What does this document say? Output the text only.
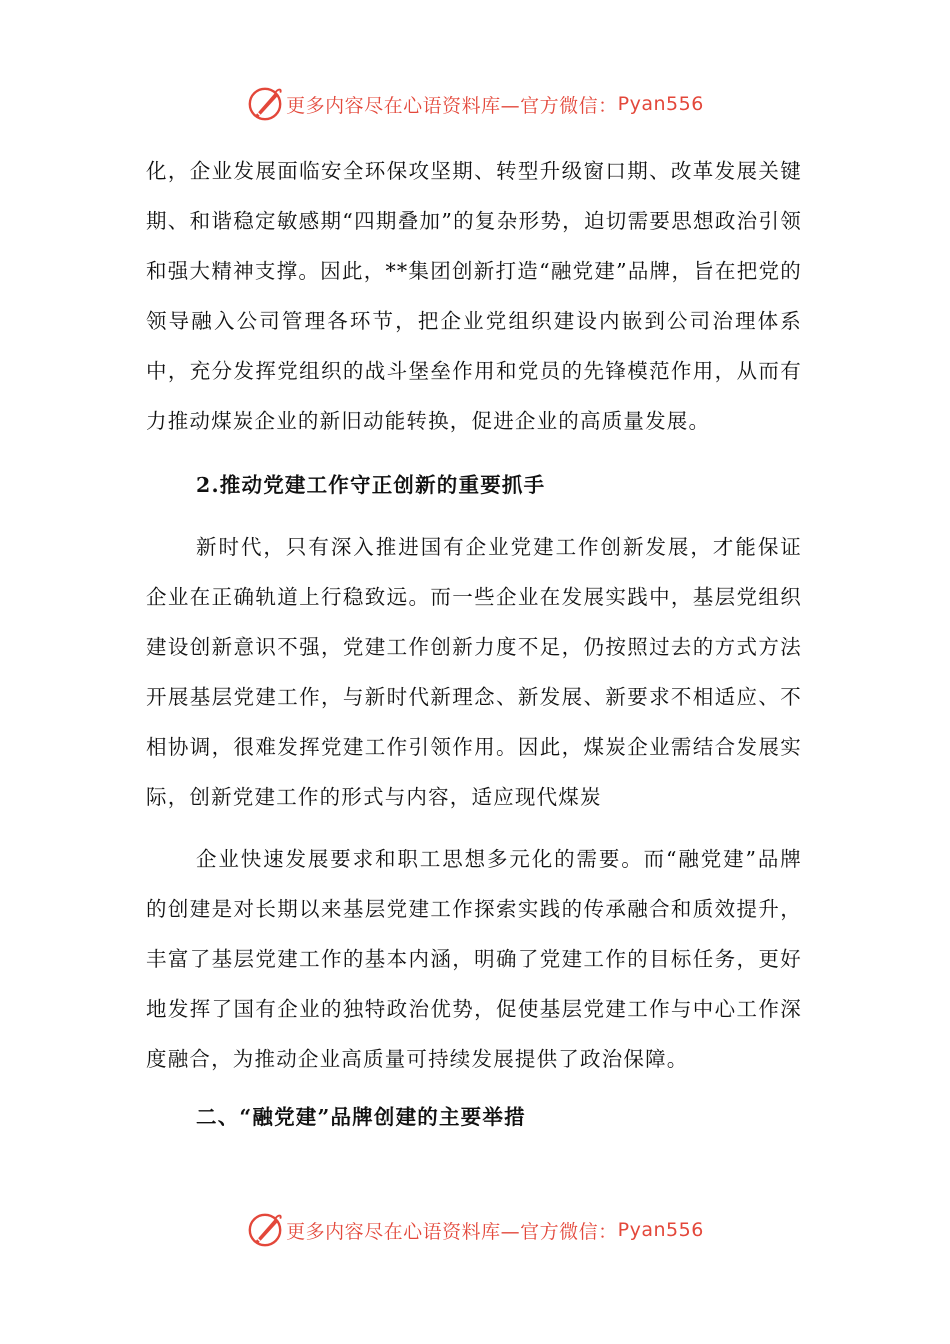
更多内容尽在心语资料库—官方微信： Pyan556

化，企业发展面临安全环保攻坚期、转型升级窗口期、改革发展关键期、和谐稳定敏感期“四期叠加”的复杂形势，迫切需要思想政治引领和强大精神支撑。因此，**集团创新打造“融党建”品牌，旨在把党的领导融入公司管理各环节，把企业党组织建设内嵌到公司治理体系中，充分发挥党组织的战斗堡垒作用和党员的先锋模范作用，从而有力推动煤炭企业的新旧动能转换，促进企业的高质量发展。

2.推动党建工作守正创新的重要抓手

新时代，只有深入推进国有企业党建工作创新发展，才能保证企业在正确轨道上行稳致远。而一些企业在发展实践中，基层党组织建设创新意识不强，党建工作创新力度不足，仍按照过去的方式方法开展基层党建工作，与新时代新理念、新发展、新要求不相适应、不相协调，很难发挥党建工作引领作用。因此，煤炭企业需结合发展实际，创新党建工作的形式与内容，适应现代煤炭

企业快速发展要求和职工思想多元化的需要。而“融党建”品牌的创建是对长期以来基层党建工作探索实践的传承融合和质效提升，丰富了基层党建工作的基本内涵，明确了党建工作的目标任务，更好地发挥了国有企业的独特政治优势，促使基层党建工作与中心工作深度融合，为推动企业高质量可持续发展提供了政治保障。

二、“融党建”品牌创建的主要举措
更多内容尽在心语资料库—官方微信： Pyan556
